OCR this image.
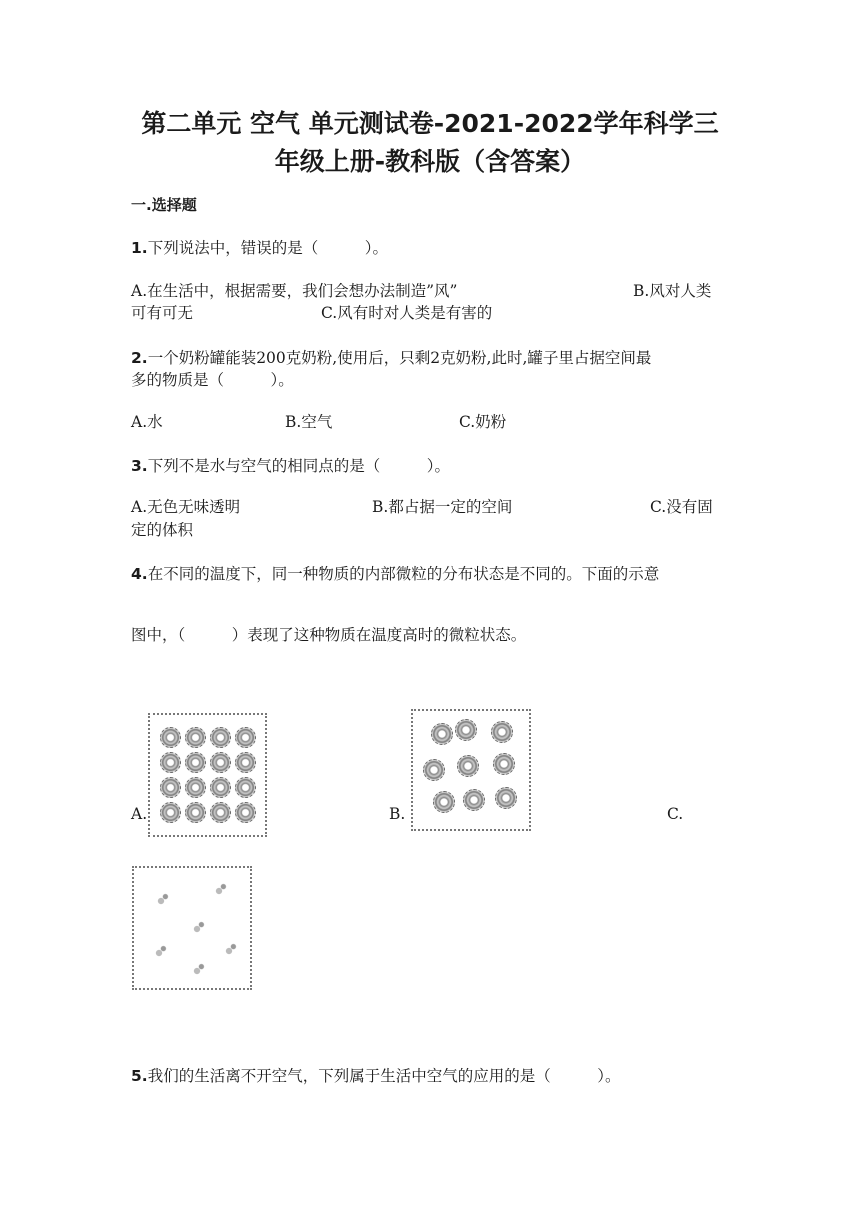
第二单元 空气 单元测试卷-2021-2022学年科学三
年级上册-教科版（含答案）
一.选择题
1.下列说法中，错误的是（　　　）。
A.在生活中，根据需要，我们会想办法制造”风”	B.风对人类
可有可无	C.风有时对人类是有害的
2.一个奶粉罐能装200克奶粉,使用后，只剩2克奶粉,此时,罐子里占据空间最
多的物质是（　　　）。
A.水	B.空气	C.奶粉
3.下列不是水与空气的相同点的是（　　　）。
A.无色无味透明	B.都占据一定的空间	C.没有固
定的体积
4.在不同的温度下，同一种物质的内部微粒的分布状态是不同的。下面的示意
图中，（　　　）表现了这种物质在温度高时的微粒状态。
A.	B.	C.
5.我们的生活离不开空气，下列属于生活中空气的应用的是（　　　）。
